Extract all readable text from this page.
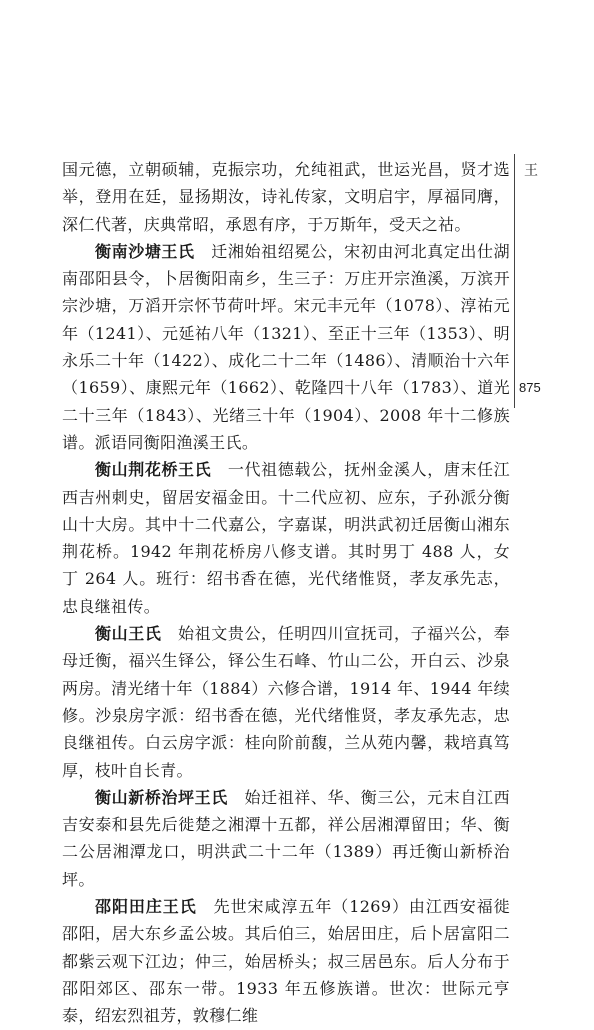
王
875

国元德，立朝硕辅，克振宗功，允纯祖武，世运光昌，贤才选举，登用在廷，显扬期汝，诗礼传家，文明启宇，厚福同膺，深仁代著，庆典常昭，承恩有序，于万斯年，受天之祜。

衡南沙塘王氏　 迁湘始祖绍冕公，宋初由河北真定出仕湖南邵阳县令，卜居衡阳南乡，生三子：万庄开宗渔溪，万滨开宗沙塘，万滔开宗怀节荷叶坪。宋元丰元年（1078）、淳祐元年（1241）、元延祐八年（1321）、至正十三年（1353）、明永乐二十年（1422）、成化二十二年（1486）、清顺治十六年（1659）、康熙元年（1662）、乾隆四十八年（1783）、道光二十三年（1843）、光绪三十年（1904）、2008 年十二修族谱。派语同衡阳渔溪王氏。

衡山荆花桥王氏　 一代祖德载公，抚州金溪人，唐末任江西吉州刺史，留居安福金田。十二代应初、应东，子孙派分衡山十大房。其中十二代嘉公，字嘉谋，明洪武初迁居衡山湘东荆花桥。1942 年荆花桥房八修支谱。其时男丁 488 人，女丁 264 人。班行：绍书香在德，光代绪惟贤，孝友承先志，忠良继祖传。

衡山王氏　 始祖文贵公，任明四川宣抚司，子福兴公，奉母迁衡，福兴生铎公，铎公生石峰、竹山二公，开白云、沙泉两房。清光绪十年（1884）六修合谱，1914 年、1944 年续修。沙泉房字派：绍书香在德，光代绪惟贤，孝友承先志，忠良继祖传。白云房字派：桂向阶前馥，兰从苑内馨，栽培真笃厚，枝叶自长青。

衡山新桥治坪王氏　 始迁祖祥、华、衡三公，元末自江西吉安泰和县先后徙楚之湘潭十五都，祥公居湘潭留田；华、衡二公居湘潭龙口，明洪武二十二年（1389）再迁衡山新桥治坪。

邵阳田庄王氏　 先世宋咸淳五年（1269）由江西安福徙邵阳，居大东乡孟公坡。其后伯三，始居田庄，后卜居富阳二都紫云观下江边；仲三，始居桥头；叔三居邑东。后人分布于邵阳郊区、邵东一带。1933 年五修族谱。世次：世际元亨泰，绍宏烈祖芳，敦穆仁维
